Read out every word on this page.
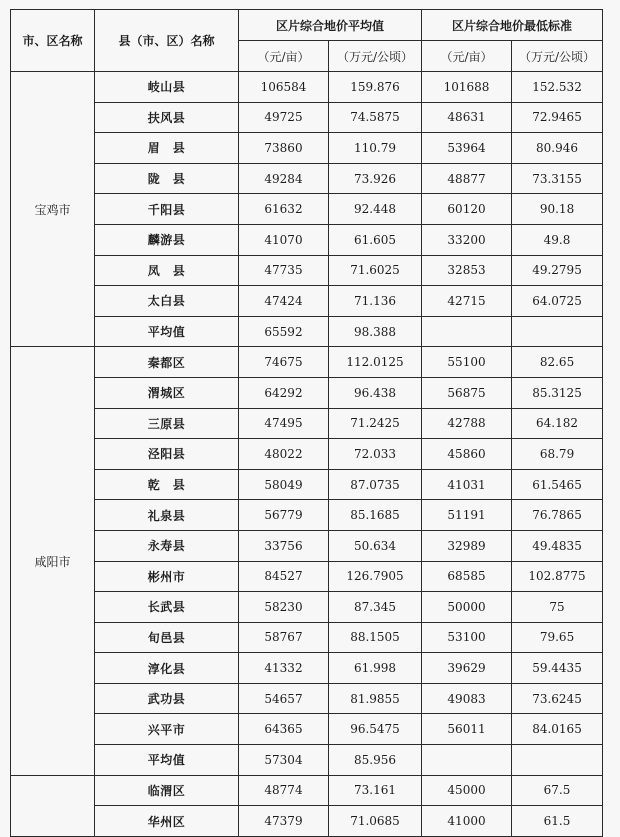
市、区名称	县（市、区）名称	区片综合地价平均值		区片综合地价最低标准	
		（元/亩）	（万元/公顷）	（元/亩）	（万元/公顷）
宝鸡市	岐山县	106584	159.876	101688	152.532
	扶风县	49725	74.5875	48631	72.9465
	眉　县	73860	110.79	53964	80.946
	陇　县	49284	73.926	48877	73.3155
	千阳县	61632	92.448	60120	90.18
	麟游县	41070	61.605	33200	49.8
	凤　县	47735	71.6025	32853	49.2795
	太白县	47424	71.136	42715	64.0725
	平均值	65592	98.388		
咸阳市	秦都区	74675	112.0125	55100	82.65
	渭城区	64292	96.438	56875	85.3125
	三原县	47495	71.2425	42788	64.182
	泾阳县	48022	72.033	45860	68.79
	乾　县	58049	87.0735	41031	61.5465
	礼泉县	56779	85.1685	51191	76.7865
	永寿县	33756	50.634	32989	49.4835
	彬州市	84527	126.7905	68585	102.8775
	长武县	58230	87.345	50000	75
	旬邑县	58767	88.1505	53100	79.65
	淳化县	41332	61.998	39629	59.4435
	武功县	54657	81.9855	49083	73.6245
	兴平市	64365	96.5475	56011	84.0165
	平均值	57304	85.956		
	临渭区	48774	73.161	45000	67.5
	华州区	47379	71.0685	41000	61.5
